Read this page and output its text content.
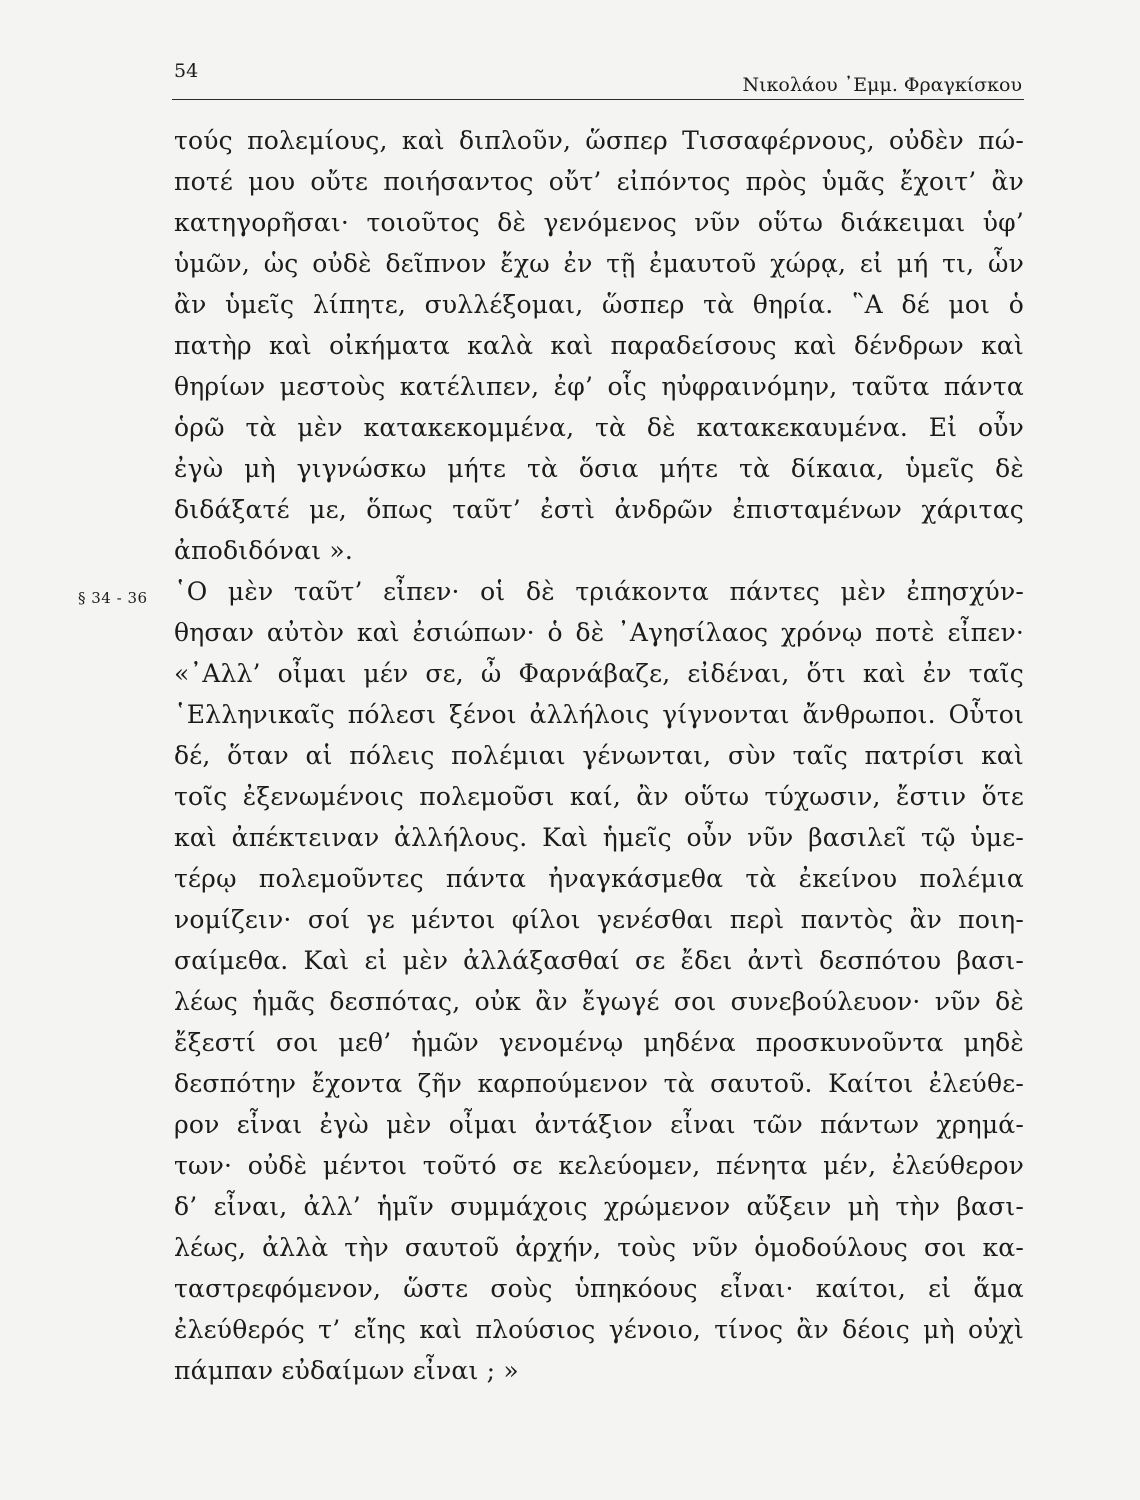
54
Νικολάου ᾿Εμμ. Φραγκίσκου
§ 34 - 36
τούς πολεμίους, καὶ διπλοῦν, ὥσπερ Τισσαφέρνους, οὐδὲν πώ-
ποτέ μου οὔτε ποιήσαντος οὔτ’ εἰπόντος πρὸς ὑμᾶς ἔχοιτ’ ἂν
κατηγορῆσαι· τοιοῦτος δὲ γενόμενος νῦν οὕτω διάκειμαι ὑφ’
ὑμῶν, ὡς οὐδὲ δεῖπνον ἔχω ἐν τῇ ἐμαυτοῦ χώρᾳ, εἰ μή τι, ὧν
ἂν ὑμεῖς λίπητε, συλλέξομαι, ὥσπερ τὰ θηρία. ῝Α δέ μοι ὁ
πατὴρ καὶ οἰκήματα καλὰ καὶ παραδείσους καὶ δένδρων καὶ
θηρίων μεστοὺς κατέλιπεν, ἐφ’ οἷς ηὐφραινόμην, ταῦτα πάντα
ὁρῶ τὰ μὲν κατακεκομμένα, τὰ δὲ κατακεκαυμένα. Εἰ οὖν
ἐγὼ μὴ γιγνώσκω μήτε τὰ ὅσια μήτε τὰ δίκαια, ὑμεῖς δὲ
διδάξατέ με, ὅπως ταῦτ’ ἐστὶ ἀνδρῶν ἐπισταμένων χάριτας
ἀποδιδόναι ».
῾Ο μὲν ταῦτ’ εἶπεν· οἱ δὲ τριάκοντα πάντες μὲν ἐπησχύν-
θησαν αὐτὸν καὶ ἐσιώπων· ὁ δὲ ᾿Αγησίλαος χρόνῳ ποτὲ εἶπεν·
«᾿Αλλ’ οἶμαι μέν σε, ὦ Φαρνάβαζε, εἰδέναι, ὅτι καὶ ἐν ταῖς
῾Ελληνικαῖς πόλεσι ξένοι ἀλλήλοις γίγνονται ἄνθρωποι. Οὗτοι
δέ, ὅταν αἱ πόλεις πολέμιαι γένωνται, σὺν ταῖς πατρίσι καὶ
τοῖς ἐξενωμένοις πολεμοῦσι καί, ἂν οὕτω τύχωσιν, ἔστιν ὅτε
καὶ ἀπέκτειναν ἀλλήλους. Καὶ ἡμεῖς οὖν νῦν βασιλεῖ τῷ ὑμε-
τέρῳ πολεμοῦντες πάντα ἠναγκάσμεθα τὰ ἐκείνου πολέμια
νομίζειν· σοί γε μέντοι φίλοι γενέσθαι περὶ παντὸς ἂν ποιη-
σαίμεθα. Καὶ εἰ μὲν ἀλλάξασθαί σε ἔδει ἀντὶ δεσπότου βασι-
λέως ἡμᾶς δεσπότας, οὐκ ἂν ἔγωγέ σοι συνεβούλευον· νῦν δὲ
ἔξεστί σοι μεθ’ ἡμῶν γενομένῳ μηδένα προσκυνοῦντα μηδὲ
δεσπότην ἔχοντα ζῆν καρπούμενον τὰ σαυτοῦ. Καίτοι ἐλεύθε-
ρον εἶναι ἐγὼ μὲν οἶμαι ἀντάξιον εἶναι τῶν πάντων χρημά-
των· οὐδὲ μέντοι τοῦτό σε κελεύομεν, πένητα μέν, ἐλεύθερον
δ’ εἶναι, ἀλλ’ ἡμῖν συμμάχοις χρώμενον αὔξειν μὴ τὴν βασι-
λέως, ἀλλὰ τὴν σαυτοῦ ἀρχήν, τοὺς νῦν ὁμοδούλους σοι κα-
ταστρεφόμενον, ὥστε σοὺς ὑπηκόους εἶναι· καίτοι, εἰ ἅμα
ἐλεύθερός τ’ εἴης καὶ πλούσιος γένοιο, τίνος ἂν δέοις μὴ οὐχὶ
πάμπαν εὐδαίμων εἶναι ; »
